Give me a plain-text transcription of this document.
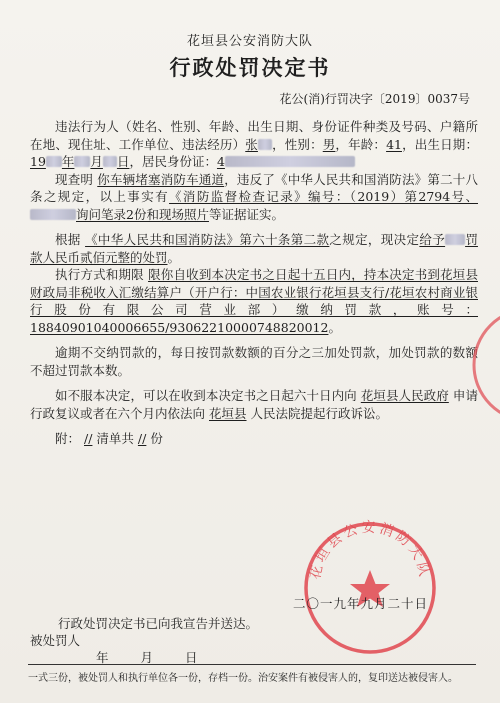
花垣县公安消防大队
行政处罚决定书
花公(消)行罚决字〔2019〕0037号

违法行为人（姓名、性别、年龄、出生日期、身份证件种类及号码、户籍所在地、现住址、工作单位、违法经历）张 ，性别：男，年龄：41，出生日期：19 年 月 日，居民身份证：4

现查明 你车辆堵塞消防车通道，违反了《中华人民共和国消防法》第二十八条之规定，以上事实有《消防监督检查记录》编号：（2019）第2794号、询问笔录2份和现场照片等证据证实。

根据 《中华人民共和国消防法》第六十条第二款之规定，现决定给予 罚款人民币贰佰元整的处罚。

执行方式和期限 限你自收到本决定书之日起十五日内，持本决定书到花垣县财政局非税收入汇缴结算户（开户行：中国农业银行花垣县支行/花垣农村商业银行股份有限公司营业部）缴纳罚款，账号：18840901040006655/93062210000748820012。

逾期不交纳罚款的，每日按罚款数额的百分之三加处罚款，加处罚款的数额不超过罚款本数。

如不服本决定，可以在收到本决定书之日起六十日内向 花垣县人民政府 申请行政复议或者在六个月内依法向 花垣县 人民法院提起行政诉讼。

附： // 清单共 // 份

花垣县公安消防大队
二〇一九年九月二十日
行政处罚决定书已向我宣告并送达。
被处罚人
年 月 日
一式三份，被处罚人和执行单位各一份，存档一份。治安案件有被侵害人的，复印送达被侵害人。
